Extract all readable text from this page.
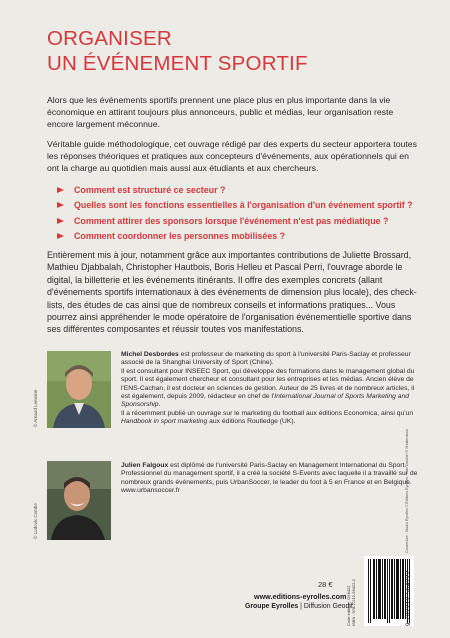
ORGANISER
UN ÉVÉNEMENT SPORTIF
Alors que les événements sportifs prennent une place plus en plus importante dans la vie économique en attirant toujours plus annonceurs, public et médias, leur organisation reste encore largement méconnue.
Véritable guide méthodologique, cet ouvrage rédigé par des experts du secteur apportera toutes les réponses théoriques et pratiques aux concepteurs d'événements, aux opérationnels qui en ont la charge au quotidien mais aussi aux étudiants et aux chercheurs.
Comment est structuré ce secteur ?
Quelles sont les fonctions essentielles à l'organisation d'un événement sportif ?
Comment attirer des sponsors lorsque l'événement n'est pas médiatique ?
Comment coordonner les personnes mobilisées ?
Entièrement mis à jour, notamment grâce aux importantes contributions de Juliette Brossard, Mathieu Djabbalah, Christopher Hautbois, Boris Helleu et Pascal Perri, l'ouvrage aborde le digital, la billetterie et les événements itinérants. Il offre des exemples concrets (allant d'événements sportifs internationaux à des événements de dimension plus locale), des check-lists, des études de cas ainsi que de nombreux conseils et informations pratiques... Vous pourrez ainsi appréhender le mode opératoire de l'organisation événementielle sportive dans ses différentes composantes et réussir toutes vos manifestations.
© Arnaud Lemoine
Michel Desbordes est professeur de marketing du sport à l'université Paris-Saclay et professeur associé de la Shanghai University of Sport (Chine).
Il est consultant pour INSEEC Sport, qui développe des formations dans le management global du sport. Il est également chercheur et consultant pour les entreprises et les médias. Ancien élève de l'ENS-Cachan, il est docteur en sciences de gestion. Auteur de 25 livres et de nombreux articles, il est également, depuis 2009, rédacteur en chef de l'International Journal of Sports Marketing and Sponsorship.
Il a récemment publié un ouvrage sur le marketing du football aux éditions Economica, ainsi qu'un Handbook in sport marketing aux éditions Routledge (UK).
© Ludovic Combe
Julien Falgoux est diplômé de l'université Paris-Saclay en Management International du Sport. Professionnel du management sportif, il a créé la société S-Events avec laquelle il a travaillé sur de nombreux grands événements, puis UrbanSoccer, le leader du foot à 5 en France et en Belgique. www.urbansoccer.fr	Couverture : Studio Eyrolles © Éditions Eyrolles · Ivan Dwulich © Shutterstock
28 €
www.editions-eyrolles.com
Groupe Eyrolles | Diffusion Geodif
Code éditeur : G56422 ISBN : 978-2-212-56422-2	9 782212 564222
